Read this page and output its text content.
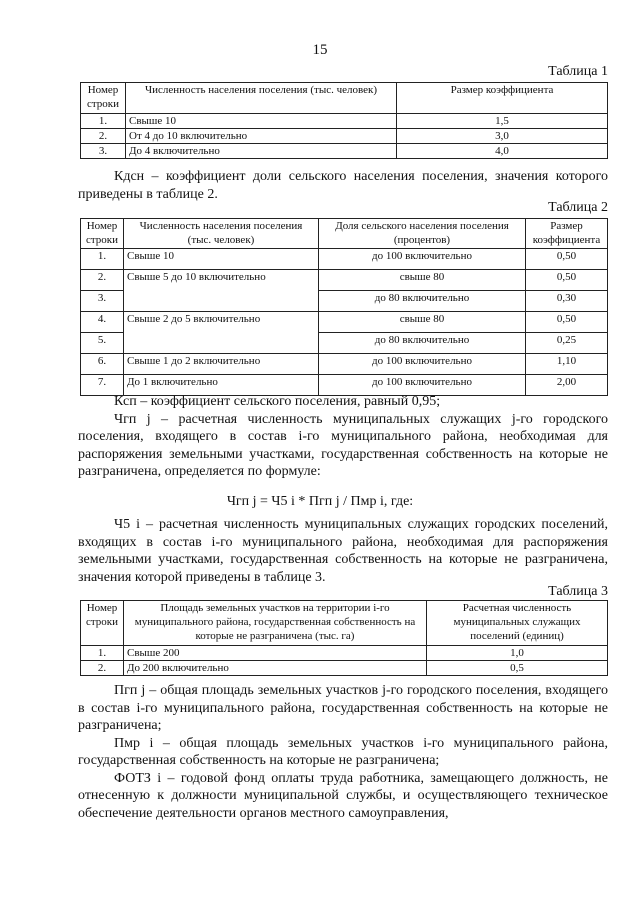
15
Таблица 1
Номер строки	Численность населения поселения (тыс. человек)	Размер коэффициента
1.	Свыше 10	1,5
2.	От 4 до 10 включительно	3,0
3.	До 4 включительно	4,0

Кдсн – коэффициент доли сельского населения поселения, значения которого приведены в таблице 2.

Таблица 2
Номер строки	Численность населения поселения (тыс. человек)	Доля сельского населения поселения (процентов)	Размер коэффициента
1.	Свыше 10	до 100 включительно	0,50
2.	Свыше 5 до 10 включительно	свыше 80	0,50
3.		до 80 включительно	0,30
4.	Свыше 2 до 5 включительно	свыше 80	0,50
5.		до 80 включительно	0,25
6.	Свыше 1 до 2 включительно	до 100 включительно	1,10
7.	До 1 включительно	до 100 включительно	2,00

Ксп – коэффициент сельского поселения, равный 0,95;

Чгп j – расчетная численность муниципальных служащих j-го городского поселения, входящего в состав i-го муниципального района, необходимая для распоряжения земельными участками, государственная собственность на которые не разграничена, определяется по формуле:

Чгп j = Ч5 i * Пгп j / Пмр i, где:

Ч5 i – расчетная численность муниципальных служащих городских поселений, входящих в состав i-го муниципального района, необходимая для распоряжения земельными участками, государственная собственность на которые не разграничена, значения которой приведены в таблице 3.

Таблица 3
Номер строки	Площадь земельных участков на территории i-го муниципального района, государственная собственность на которые не разграничена (тыс. га)	Расчетная численность муниципальных служащих поселений (единиц)
1.	Свыше 200	1,0
2.	До 200 включительно	0,5

Пгп j – общая площадь земельных участков j-го городского поселения, входящего в состав i-го муниципального района, государственная собственность на которые не разграничена;

Пмр i – общая площадь земельных участков i-го муниципального района, государственная собственность на которые не разграничена;

ФОТЗ i – годовой фонд оплаты труда работника, замещающего должность, не отнесенную к должности муниципальной службы, и осуществляющего техническое обеспечение деятельности органов местного самоуправления,
